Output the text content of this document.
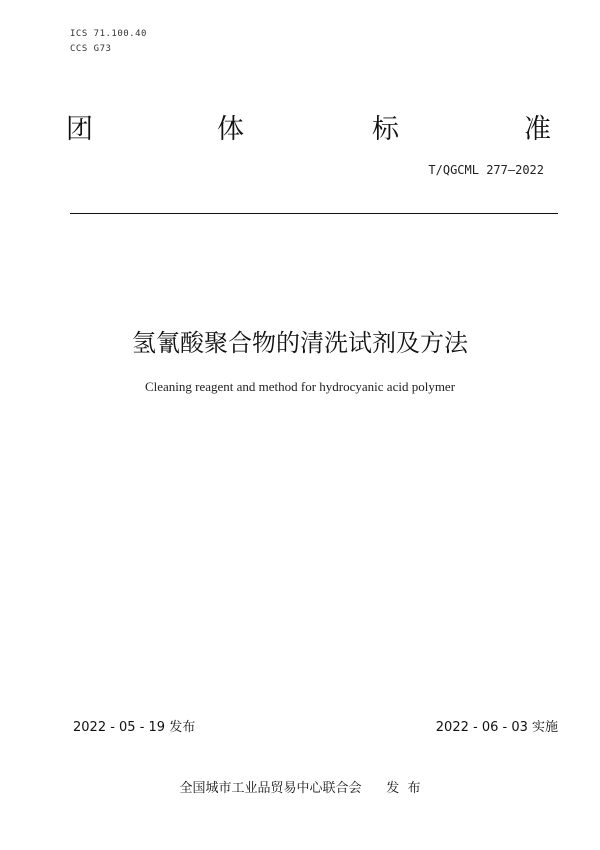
ICS 71.100.40
CCS G73
团	体	标	准
T/QGCML 277—2022
氢氰酸聚合物的清洗试剂及方法
Cleaning reagent and method for hydrocyanic acid polymer
2022 - 05 - 19 发布	2022 - 06 - 03 实施
全国城市工业品贸易中心联合会 发  布
